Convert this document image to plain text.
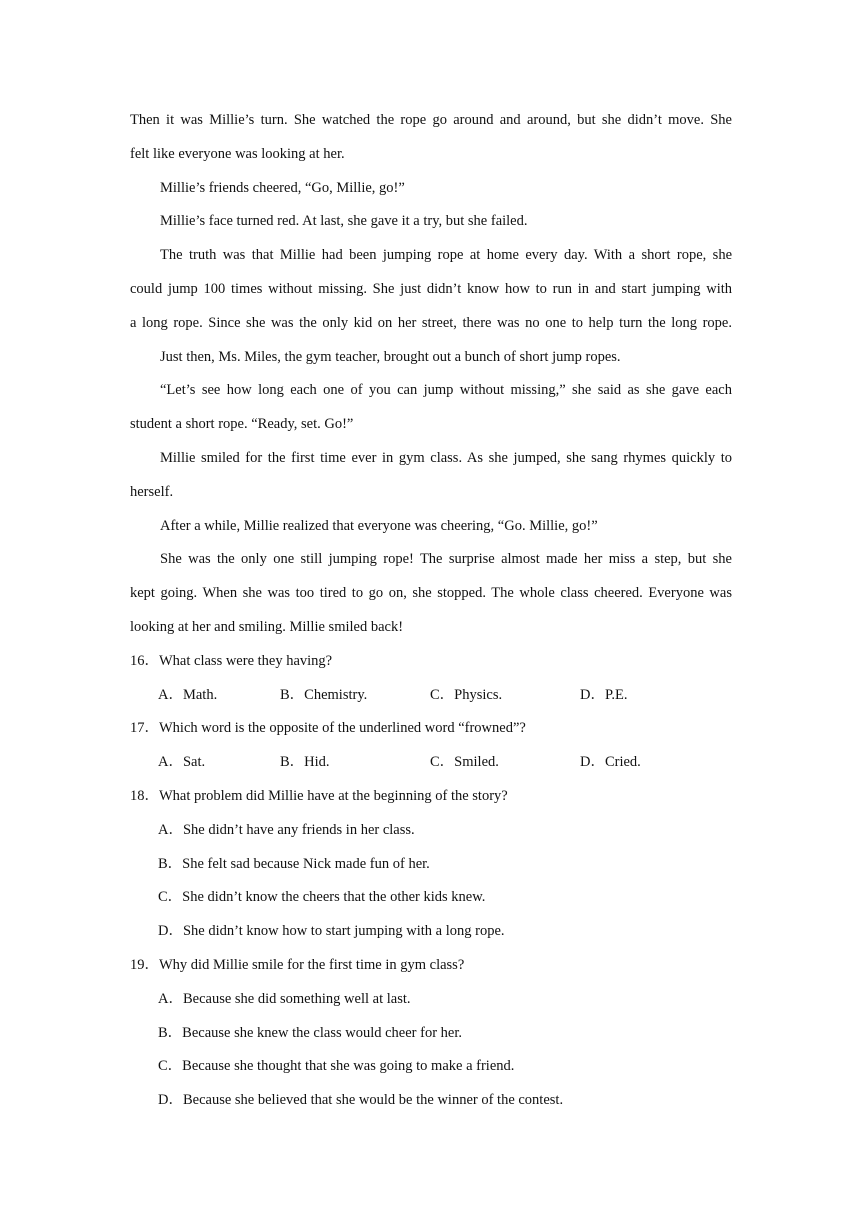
Then it was Millie’s turn. She watched the rope go around and around, but she didn’t move. She
felt like everyone was looking at her.
Millie’s friends cheered, “Go, Millie, go!”
Millie’s face turned red. At last, she gave it a try, but she failed.
The truth was that Millie had been jumping rope at home every day. With a short rope, she
could jump 100 times without missing. She just didn’t know how to run in and start jumping with
a long rope. Since she was the only kid on her street, there was no one to help turn the long rope.
Just then, Ms. Miles, the gym teacher, brought out a bunch of short jump ropes.
“Let’s see how long each one of you can jump without missing,” she said as she gave each
student a short rope. “Ready, set. Go!”
Millie smiled for the first time ever in gym class. As she jumped, she sang rhymes quickly to
herself.
After a while, Millie realized that everyone was cheering, “Go. Millie, go!”
She was the only one still jumping rope! The surprise almost made her miss a step, but she
kept going. When she was too tired to go on, she stopped. The whole class cheered. Everyone was
looking at her and smiling. Millie smiled back!
16．What class were they having?
A．Math.	B．Chemistry.	C．Physics.	D．P.E.
17．Which word is the opposite of the underlined word “frowned”?
A．Sat.	B．Hid.	C．Smiled.	D．Cried.
18．What problem did Millie have at the beginning of the story?
A．She didn’t have any friends in her class.
B．She felt sad because Nick made fun of her.
C．She didn’t know the cheers that the other kids knew.
D．She didn’t know how to start jumping with a long rope.
19．Why did Millie smile for the first time in gym class?
A．Because she did something well at last.
B．Because she knew the class would cheer for her.
C．Because she thought that she was going to make a friend.
D．Because she believed that she would be the winner of the contest.
